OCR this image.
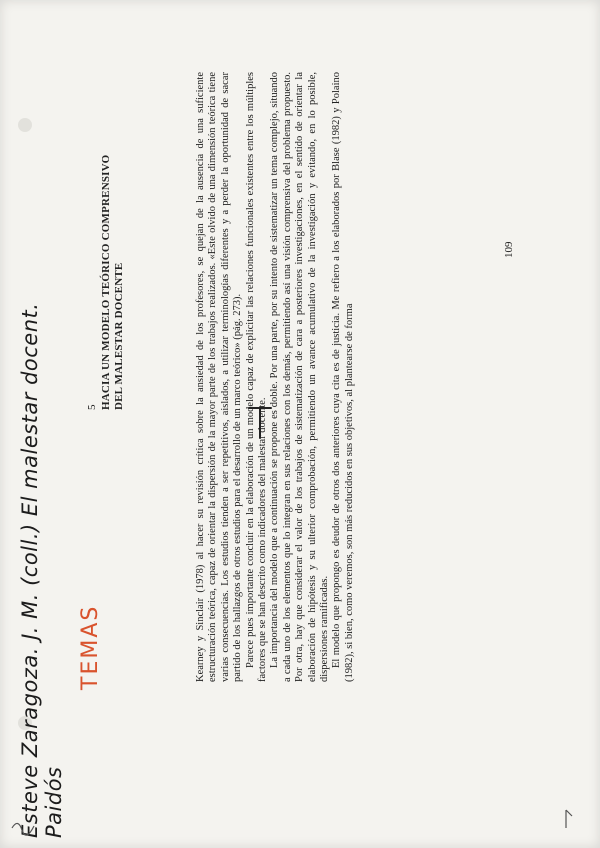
5 HACIA UN MODELO TEÓRICO COMPRENSIVO DEL MALESTAR DOCENTE	Kearney y Sinclair (1978) al hacer su revisión crítica sobre la ansiedad de los profesores, se quejan de la ausencia de una suficiente estructuración teórica, capaz de orientar la dispersión de la mayor parte de los trabajos realizados. «Este olvido de una dimensión teórica tiene varias consecuencias. Los estudios tienden a ser repetitivos, aislados, a utilizar terminologías diferentes y a perder la oportunidad de sacar partido de los hallazgos de otros estudios para el desarrollo de un marco teórico» (pág. 273). Parece pues importante concluir en la elaboración de un modelo capaz de explicitar las relaciones funcionales existentes entre los múltiples factores que se han descrito como indicadores del malestar docente. La importancia del modelo que a continuación se propone es doble. Por una parte, por su intento de sistematizar un tema complejo, situando a cada uno de los elementos que lo integran en sus relaciones con los demás, permitiendo así una visión comprensiva del problema propuesto. Por otra, hay que considerar el valor de los trabajos de sistematización de cara a posteriores investigaciones, en el sentido de orientar la elaboración de hipótesis y su ulterior comprobación, permitiendo un avance acumulativo de la investigación y evitando, en lo posible, dispersiones ramificadas. El modelo que propongo es deudor de otros dos anteriores cuya cita es de justicia. Me refiero a los elaborados por Blase (1982) y Polaino (1982), si bien, como veremos, son más reducidos en sus objetivos, al plantearse de forma

109
Esteve Zaragoza. J. M. (coll.) El malestar docent. Paidós
TEMAS
